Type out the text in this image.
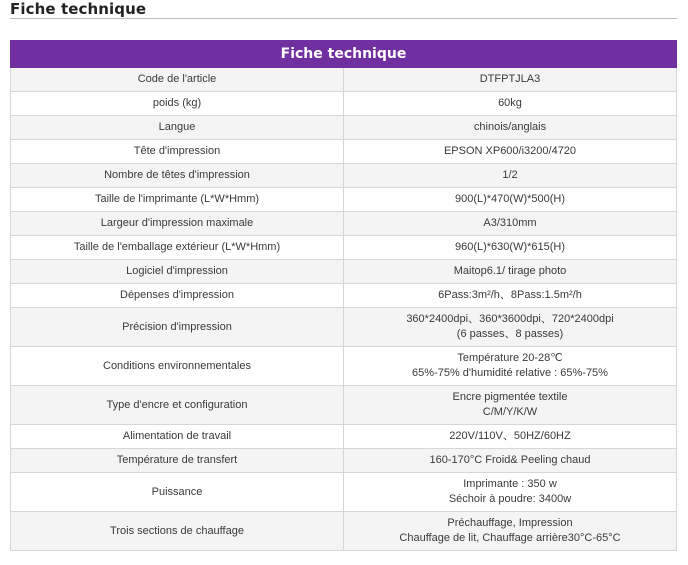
Fiche technique
Fiche technique	
Code de l'article	DTFPTJLA3

poids (kg)	60kg

Langue	chinois/anglais

Tête d'impression	EPSON XP600/i3200/4720

Nombre de têtes d'impression	1/2

Taille de l'imprimante (L*W*Hmm)	900(L)*470(W)*500(H)

Largeur d'impression maximale	A3/310mm

Taille de l'emballage extérieur (L*W*Hmm)	960(L)*630(W)*615(H)

Logiciel d'impression	Maitop6.1/ tirage photo

Dépenses d'impression	6Pass:3m²/h、8Pass:1.5m²/h

Précision d'impression	360*2400dpi、360*3600dpi、720*2400dpi
(6 passes、8 passes)

Conditions environnementales	Température 20-28℃
65%-75% d'humidité relative : 65%-75%

Type d'encre et configuration	Encre pigmentée textile
C/M/Y/K/W

Alimentation de travail	220V/110V、50HZ/60HZ

Température de transfert	160-170°C Froid& Peeling chaud

Puissance	Imprimante : 350 w
Séchoir à poudre: 3400w

Trois sections de chauffage	Préchauffage, Impression
Chauffage de lit, Chauffage arrière30°C-65°C
